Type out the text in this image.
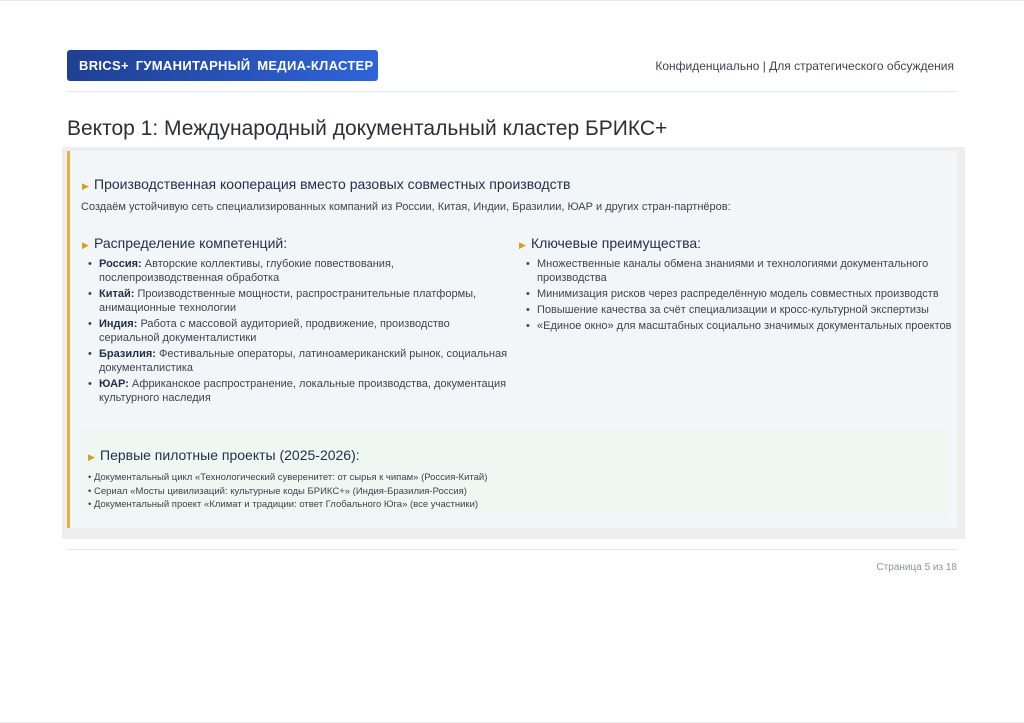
BRICS+ ГУМАНИТАРНЫЙ МЕДИА-КЛАСТЕР	Конфиденциально | Для стратегического обсуждения
Вектор 1: Международный документальный кластер БРИКС+
▶ Производственная кооперация вместо разовых совместных производств
Создаём устойчивую сеть специализированных компаний из России, Китая, Индии, Бразилии, ЮАР и других стран-партнёров:
▶ Распределение компетенций:
• Россия: Авторские коллективы, глубокие повествования,
послепроизводственная обработка
• Китай: Производственные мощности, распространительные платформы,
анимационные технологии
• Индия: Работа с массовой аудиторией, продвижение, производство
сериальной документалистики
• Бразилия: Фестивальные операторы, латиноамериканский рынок, социальная
документалистика
• ЮАР: Африканское распространение, локальные производства, документация
культурного наследия
▶ Ключевые преимущества:
• Множественные каналы обмена знаниями и технологиями документального
производства
• Минимизация рисков через распределённую модель совместных производств
• Повышение качества за счёт специализации и кросс-культурной экспертизы
• «Единое окно» для масштабных социально значимых документальных проектов
▶ Первые пилотные проекты (2025-2026):
• Документальный цикл «Технологический суверенитет: от сырья к чипам» (Россия-Китай)
• Сериал «Мосты цивилизаций: культурные коды БРИКС+» (Индия-Бразилия-Россия)
• Документальный проект «Климат и традиции: ответ Глобального Юга» (все участники)
Страница 5 из 18
